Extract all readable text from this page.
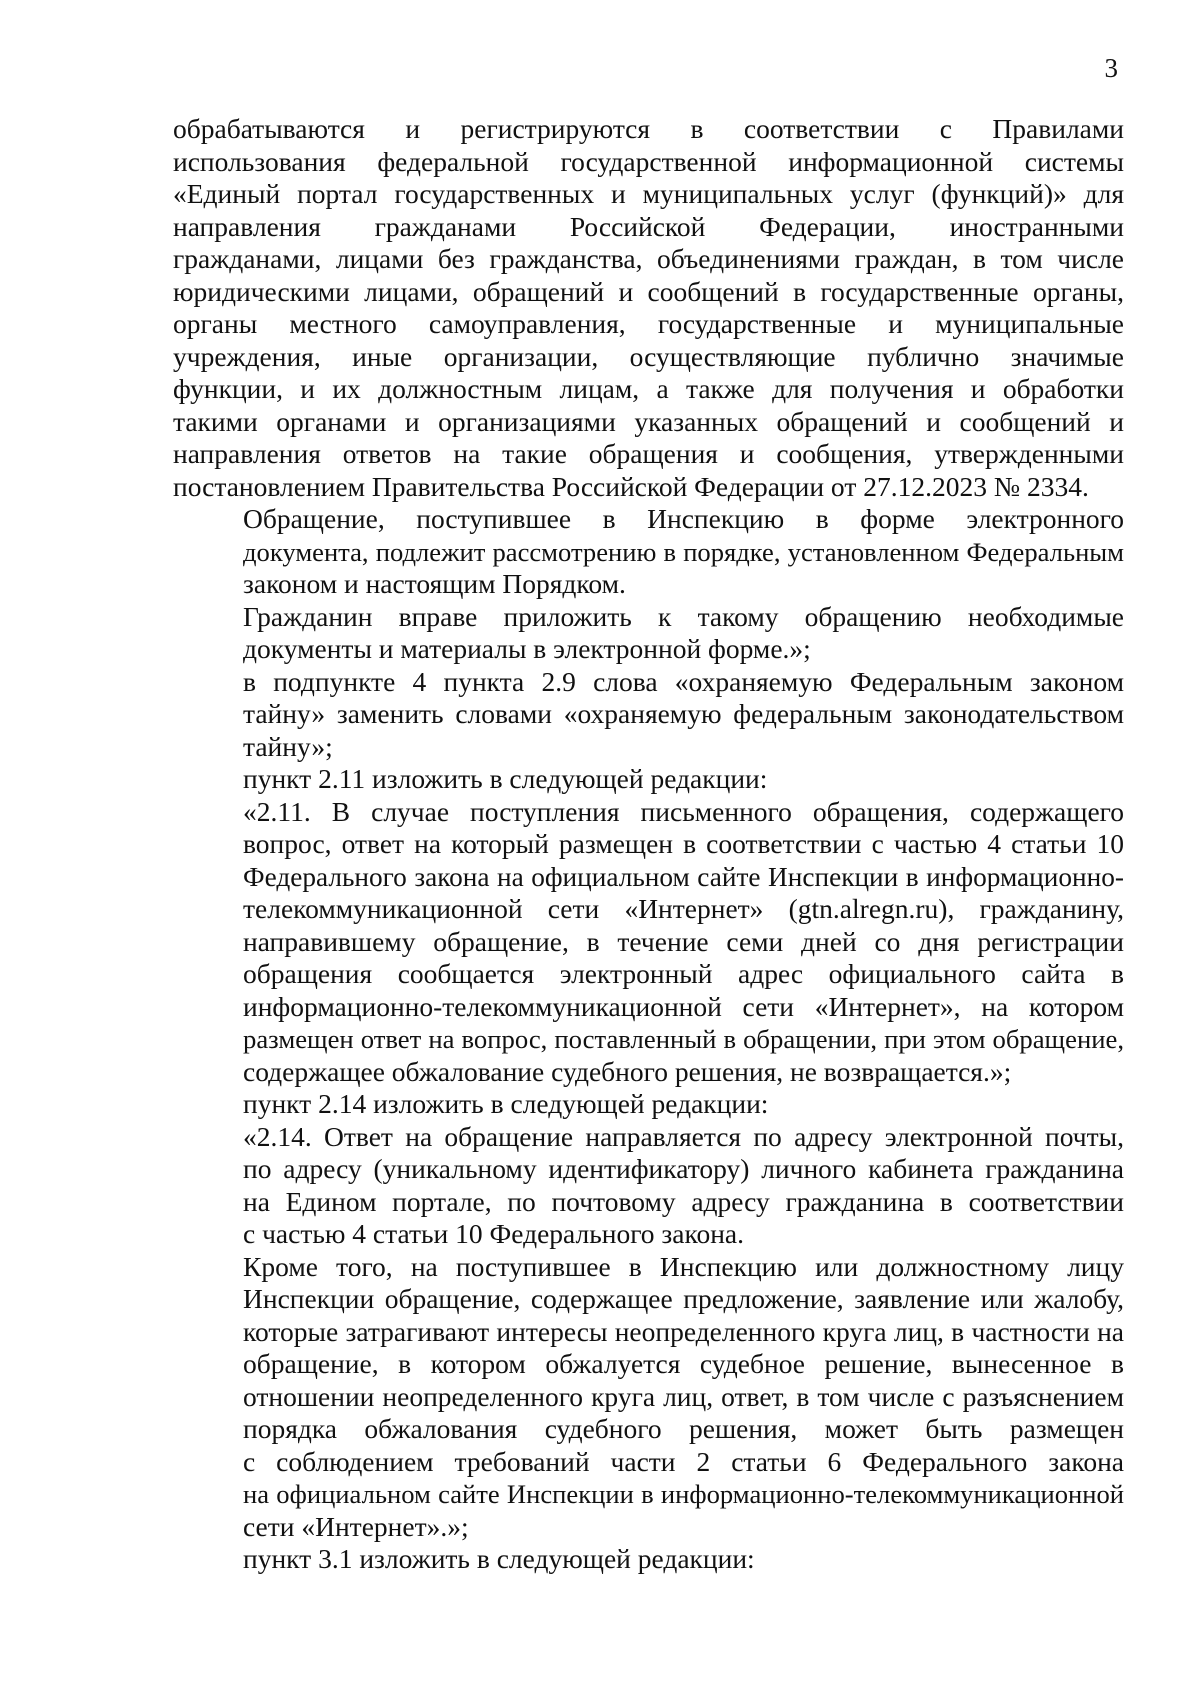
3
обрабатываются и регистрируются в соответствии с Правилами
использования федеральной государственной информационной системы
«Единый портал государственных и муниципальных услуг (функций)» для
направления гражданами Российской Федерации, иностранными
гражданами, лицами без гражданства, объединениями граждан, в том числе
юридическими лицами, обращений и сообщений в государственные органы,
органы местного самоуправления, государственные и муниципальные
учреждения, иные организации, осуществляющие публично значимые
функции, и их должностным лицам, а также для получения и обработки
такими органами и организациями указанных обращений и сообщений и
направления ответов на такие обращения и сообщения, утвержденными
постановлением Правительства Российской Федерации от 27.12.2023 № 2334.
Обращение, поступившее в Инспекцию в форме электронного
документа, подлежит рассмотрению в порядке, установленном Федеральным
законом и настоящим Порядком.
Гражданин вправе приложить к такому обращению необходимые
документы и материалы в электронной форме.»;
в подпункте 4 пункта 2.9 слова «охраняемую Федеральным законом
тайну» заменить словами «охраняемую федеральным законодательством
тайну»;
пункт 2.11 изложить в следующей редакции:
«2.11. В случае поступления письменного обращения, содержащего
вопрос, ответ на который размещен в соответствии с частью 4 статьи 10
Федерального закона на официальном сайте Инспекции в информационно-
телекоммуникационной сети «Интернет» (gtn.alregn.ru), гражданину,
направившему обращение, в течение семи дней со дня регистрации
обращения сообщается электронный адрес официального сайта в
информационно-телекоммуникационной сети «Интернет», на котором
размещен ответ на вопрос, поставленный в обращении, при этом обращение,
содержащее обжалование судебного решения, не возвращается.»;
пункт 2.14 изложить в следующей редакции:
«2.14. Ответ на обращение направляется по адресу электронной почты,
по адресу (уникальному идентификатору) личного кабинета гражданина
на Едином портале, по почтовому адресу гражданина в соответствии
с частью 4 статьи 10 Федерального закона.
Кроме того, на поступившее в Инспекцию или должностному лицу
Инспекции обращение, содержащее предложение, заявление или жалобу,
которые затрагивают интересы неопределенного круга лиц, в частности на
обращение, в котором обжалуется судебное решение, вынесенное в
отношении неопределенного круга лиц, ответ, в том числе с разъяснением
порядка обжалования судебного решения, может быть размещен
с соблюдением требований части 2 статьи 6 Федерального закона
на официальном сайте Инспекции в информационно-телекоммуникационной
сети «Интернет».»;
пункт 3.1 изложить в следующей редакции:
